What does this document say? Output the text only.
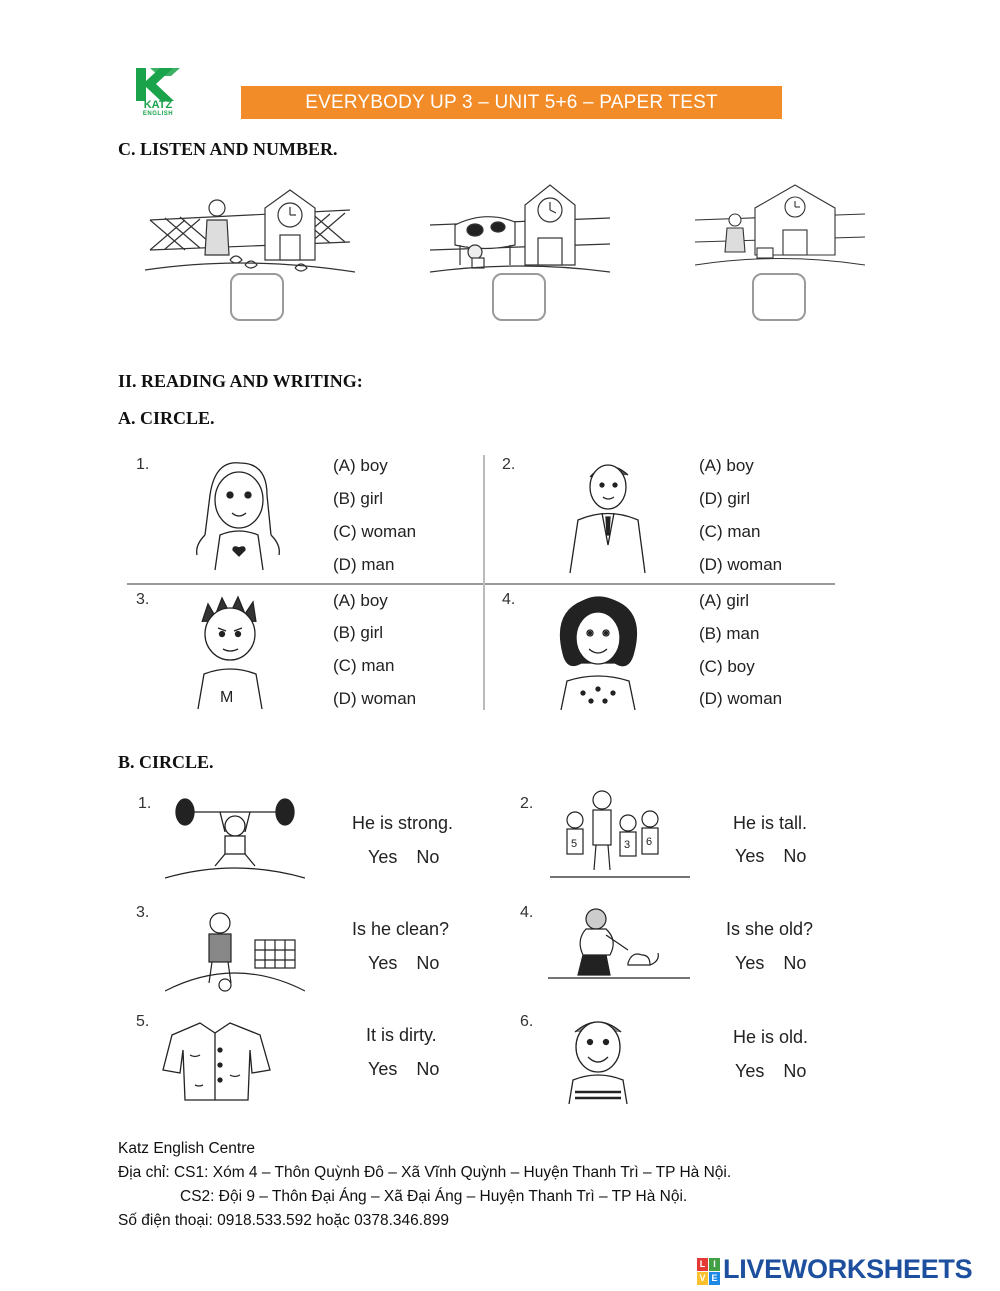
KATZ
ENGLISH
EVERYBODY UP 3 – UNIT 5+6 – PAPER TEST
C. LISTEN AND NUMBER.
II. READING AND WRITING:
A. CIRCLE.
1.	(A) boy
(B) girl
(C) woman
(D) man
2.	(A) boy
(D) girl
(C) man
(D) woman
3.
M
(A) boy
(B) girl
(C) man
(D) woman
4.	(A) girl
(B) man
(C) boy
(D) woman
B. CIRCLE.
1.
He is strong.
Yes No
2.
5	3 6
He is tall.
Yes No
3.
Is he clean?
Yes No
4.
Is she old?
Yes No
5.
It is dirty.
Yes No
6.
He is old.
Yes No
Katz English Centre
Địa chỉ: CS1: Xóm 4 – Thôn Quỳnh Đô – Xã Vĩnh Quỳnh – Huyện Thanh Trì – TP Hà Nội.
CS2: Đội 9 – Thôn Đại Áng – Xã Đại Áng – Huyện Thanh Trì – TP Hà Nội.
Số điện thoại: 0918.533.592 hoặc 0378.346.899
L I
V E LIVEWORKSHEETS
